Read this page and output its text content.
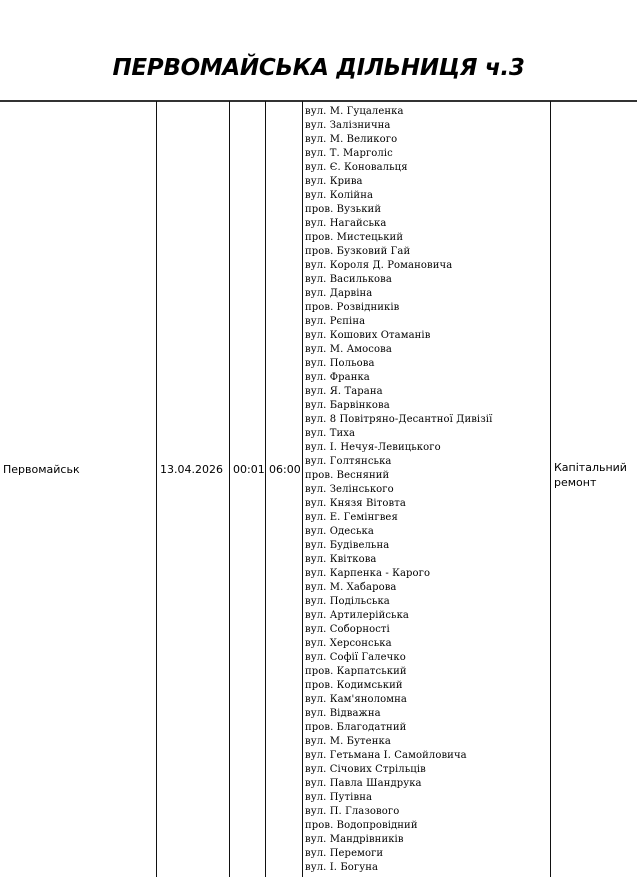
ПЕРВОМАЙСЬКА ДІЛЬНИЦЯ ч.3
Первомайськ	13.04.2026 00:01 06:00
вул. М. Гуцаленка
вул. Залізнична
вул. М. Великого
вул. Т. Марголіс
вул. Є. Коновальця
вул. Крива
вул. Колійна
пров. Вузький
вул. Нагайська
пров. Мистецький
пров. Бузковий Гай
вул. Короля Д. Романовича
вул. Василькова
вул. Дарвіна
пров. Розвідників
вул. Рєпіна
вул. Кошових Отаманів
вул. М. Амосова
вул. Польова
вул. Франка
вул. Я. Тарана
вул. Барвінкова
вул. 8 Повітряно-Десантної Дивізії
вул. Тиха
вул. І. Нечуя-Левицького
вул. Голтянська
пров. Весняний
вул. Зелінського
вул. Князя Вітовта
вул. Е. Гемінгвея
вул. Одеська
вул. Будівельна
вул. Квіткова
вул. Карпенка - Карого
вул. М. Хабарова
вул. Подільська
вул. Артилерійська
вул. Соборності
вул. Херсонська
вул. Софії Галечко
пров. Карпатський
пров. Кодимський
вул. Кам'яноломна
вул. Відважна
пров. Благодатний
вул. М. Бутенка
вул. Гетьмана І. Самойловича
вул. Січових Стрільців
вул. Павла Шандрука
вул. Путівна
вул. П. Глазового
пров. Водопровідний
вул. Мандрівників
вул. Перемоги
вул. І. Богуна
Капітальний
ремонт
